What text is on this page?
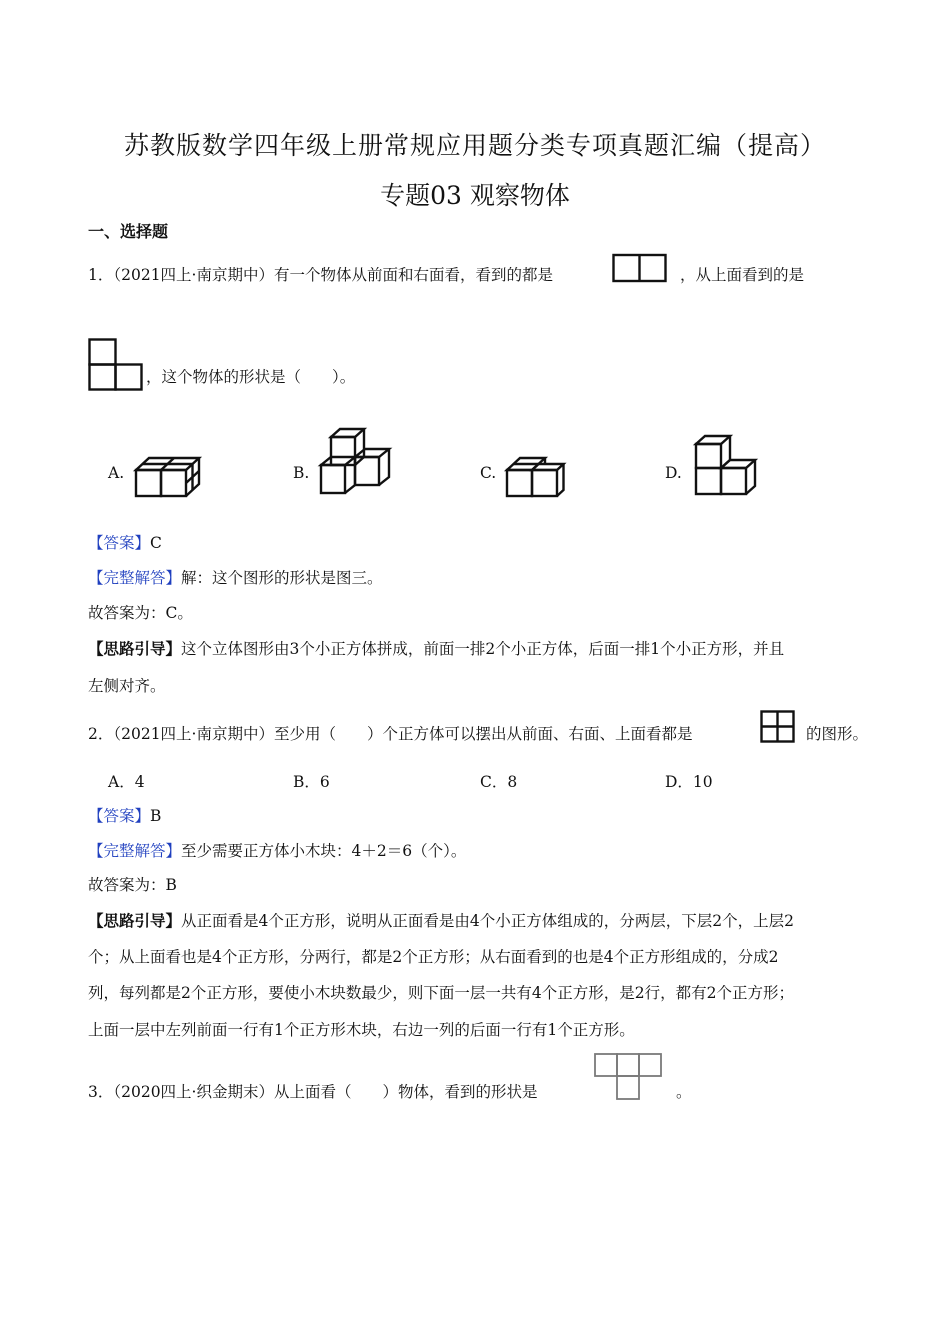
苏教版数学四年级上册常规应用题分类专项真题汇编（提高）
专题03 观察物体
一、选择题
1．（2021四上·南京期中）有一个物体从前面和右面看，看到的都是	，从上面看到的是
，这个物体的形状是（　　）。
A.	B.	C.	D.
【答案】C
【完整解答】解：这个图形的形状是图三。
故答案为：C。
【思路引导】这个立体图形由3个小正方体拼成，前面一排2个小正方体，后面一排1个小正方形，并且
左侧对齐。
2．（2021四上·南京期中）至少用（　　）个正方体可以摆出从前面、右面、上面看都是	的图形。
A．4	B．6	C．8	D．10
【答案】B
【完整解答】至少需要正方体小木块：4＋2＝6（个）。
故答案为：B
【思路引导】从正面看是4个正方形，说明从正面看是由4个小正方体组成的，分两层，下层2个，上层2
个；从上面看也是4个正方形，分两行，都是2个正方形；从右面看到的也是4个正方形组成的，分成2
列，每列都是2个正方形，要使小木块数最少，则下面一层一共有4个正方形，是2行，都有2个正方形；
上面一层中左列前面一行有1个正方形木块，右边一列的后面一行有1个正方形。
3．（2020四上·织金期末）从上面看（　　）物体，看到的形状是	。
